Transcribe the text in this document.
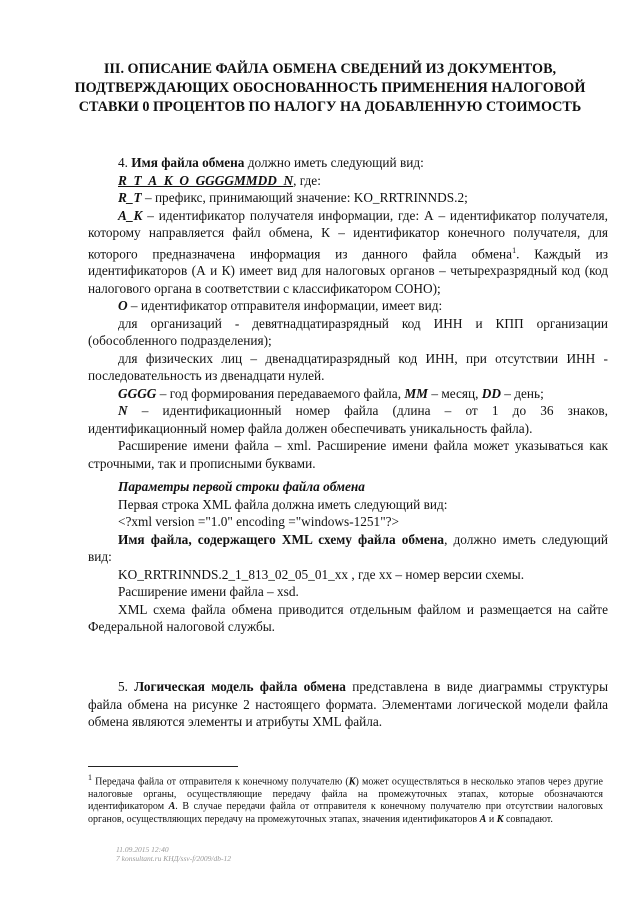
III. ОПИСАНИЕ ФАЙЛА ОБМЕНА СВЕДЕНИЙ ИЗ ДОКУМЕНТОВ, ПОДТВЕРЖДАЮЩИХ ОБОСНОВАННОСТЬ ПРИМЕНЕНИЯ НАЛОГОВОЙ СТАВКИ 0 ПРОЦЕНТОВ ПО НАЛОГУ НА ДОБАВЛЕННУЮ СТОИМОСТЬ

4. Имя файла обмена должно иметь следующий вид:

R_T_A_K_O_GGGGMMDD_N, где:

R_T – префикс, принимающий значение: KO_RRTRINNDS.2;

A_K – идентификатор получателя информации, где: А – идентификатор получателя, которому направляется файл обмена, К – идентификатор конечного получателя, для которого предназначена информация из данного файла обмена$^1$. Каждый из идентификаторов (А и К) имеет вид для налоговых органов – четырехразрядный код (код налогового органа в соответствии с классификатором СОНО);

O – идентификатор отправителя информации, имеет вид:

для организаций - девятнадцатиразрядный код ИНН и КПП организации (обособленного подразделения);

для физических лиц – двенадцатиразрядный код ИНН, при отсутствии ИНН - последовательность из двенадцати нулей.

GGGG – год формирования передаваемого файла, MM – месяц, DD – день;

N – идентификационный номер файла (длина – от 1 до 36 знаков, идентификационный номер файла должен обеспечивать уникальность файла).

Расширение имени файла – xml. Расширение имени файла может указываться как строчными, так и прописными буквами.

Параметры первой строки файла обмена

Первая строка XML файла должна иметь следующий вид:

<?xml version ="1.0" encoding ="windows-1251"?>

Имя файла, содержащего XML схему файла обмена, должно иметь следующий вид:

KO_RRTRINNDS.2_1_813_02_05_01_xx , где хх – номер версии схемы.

Расширение имени файла – xsd.

XML схема файла обмена приводится отдельным файлом и размещается на сайте Федеральной налоговой службы.

5. Логическая модель файла обмена представлена в виде диаграммы структуры файла обмена на рисунке 2 настоящего формата. Элементами логической модели файла обмена являются элементы и атрибуты XML файла.

$^1$ Передача файла от отправителя к конечному получателю (К) может осуществляться в несколько этапов через другие налоговые органы, осуществляющие передачу файла на промежуточных этапах, которые обозначаются идентификатором А. В случае передачи файла от отправителя к конечному получателю при отсутствии налоговых органов, осуществляющих передачу на промежуточных этапах, значения идентификаторов А и К совпадают.
11.09.2015 12:40
7 konsultant.ru КНД/ssv-f/2009/db-12
